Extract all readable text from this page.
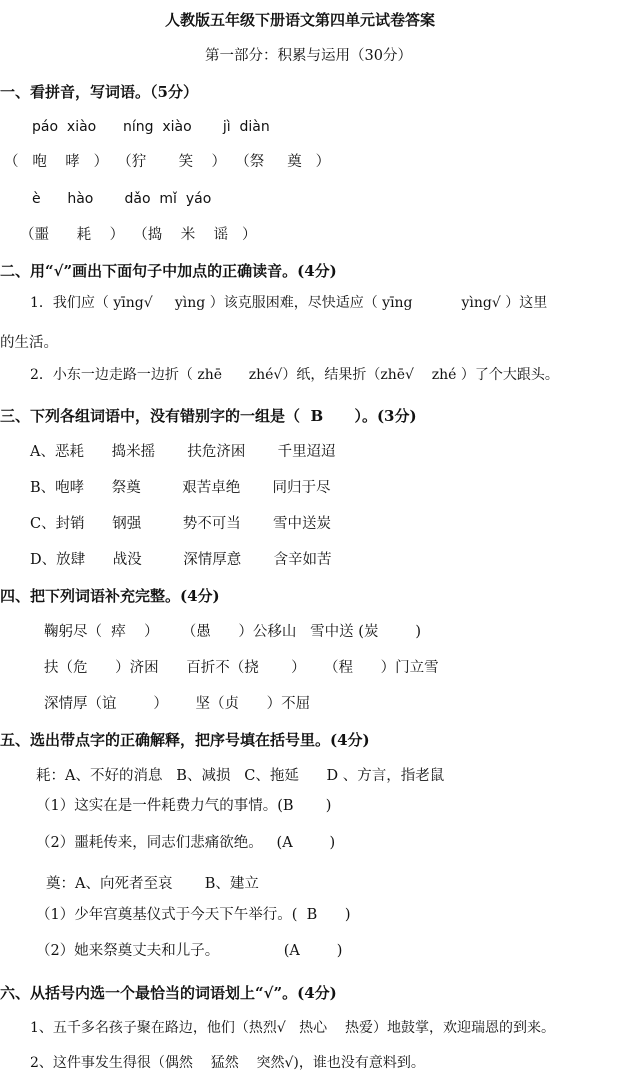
人教版五年级下册语文第四单元试卷答案
第一部分：积累与运用（30分）
一、看拼音，写词语。（5分）
páo  xiào      níng  xiào       jì  diàn
（   咆    哮   ）  （狞       笑    ）  （祭     奠   ）
è      hào       dǎo  mǐ  yáo
（噩      耗    ）  （捣    米    谣   ）
二、用“√”画出下面句子中加点的正确读音。(4分)
1．我们应（ yīng√     yìng ）该克服困难，尽快适应（ yīng           yìng√ ）这里
的生活。
2．小东一边走路一边折（ zhē      zhé√）纸，结果折（zhē√    zhé ）了个大跟头。
三、下列各组词语中，没有错别字的一组是（  B      ）。(3分)
A、恶耗      捣米摇       扶危济困       千里迢迢
B、咆哮      祭奠         艰苦卓绝       同归于尽
C、封销      钢强         势不可当       雪中送炭
D、放肆      战没         深情厚意       含辛如苦
四、把下列词语补充完整。(4分)
鞠躬尽（  瘁    ）     （愚      ）公移山   雪中送 (炭        )
扶（危      ）济困      百折不（挠       ）    （程      ）门立雪
深情厚（谊        ）      坚（贞      ）不屈
五、选出带点字的正确解释，把序号填在括号里。(4分)
耗：A、不好的消息   B、减损   C、拖延      D 、方言，指老鼠
（1）这实在是一件耗费力气的事情。(B       )
（2）噩耗传来，同志们悲痛欲绝。   (A        )
奠：A、向死者至哀       B、建立
（1）少年宫奠基仪式于今天下午举行。(  B      )
（2）她来祭奠丈夫和儿子。              (A        )
六、从括号内选一个最恰当的词语划上“√”。(4分)
1、五千多名孩子聚在路边，他们（热烈√   热心    热爱）地鼓掌，欢迎瑞恩的到来。
2、这件事发生得很（偶然    猛然    突然√)，谁也没有意料到。
